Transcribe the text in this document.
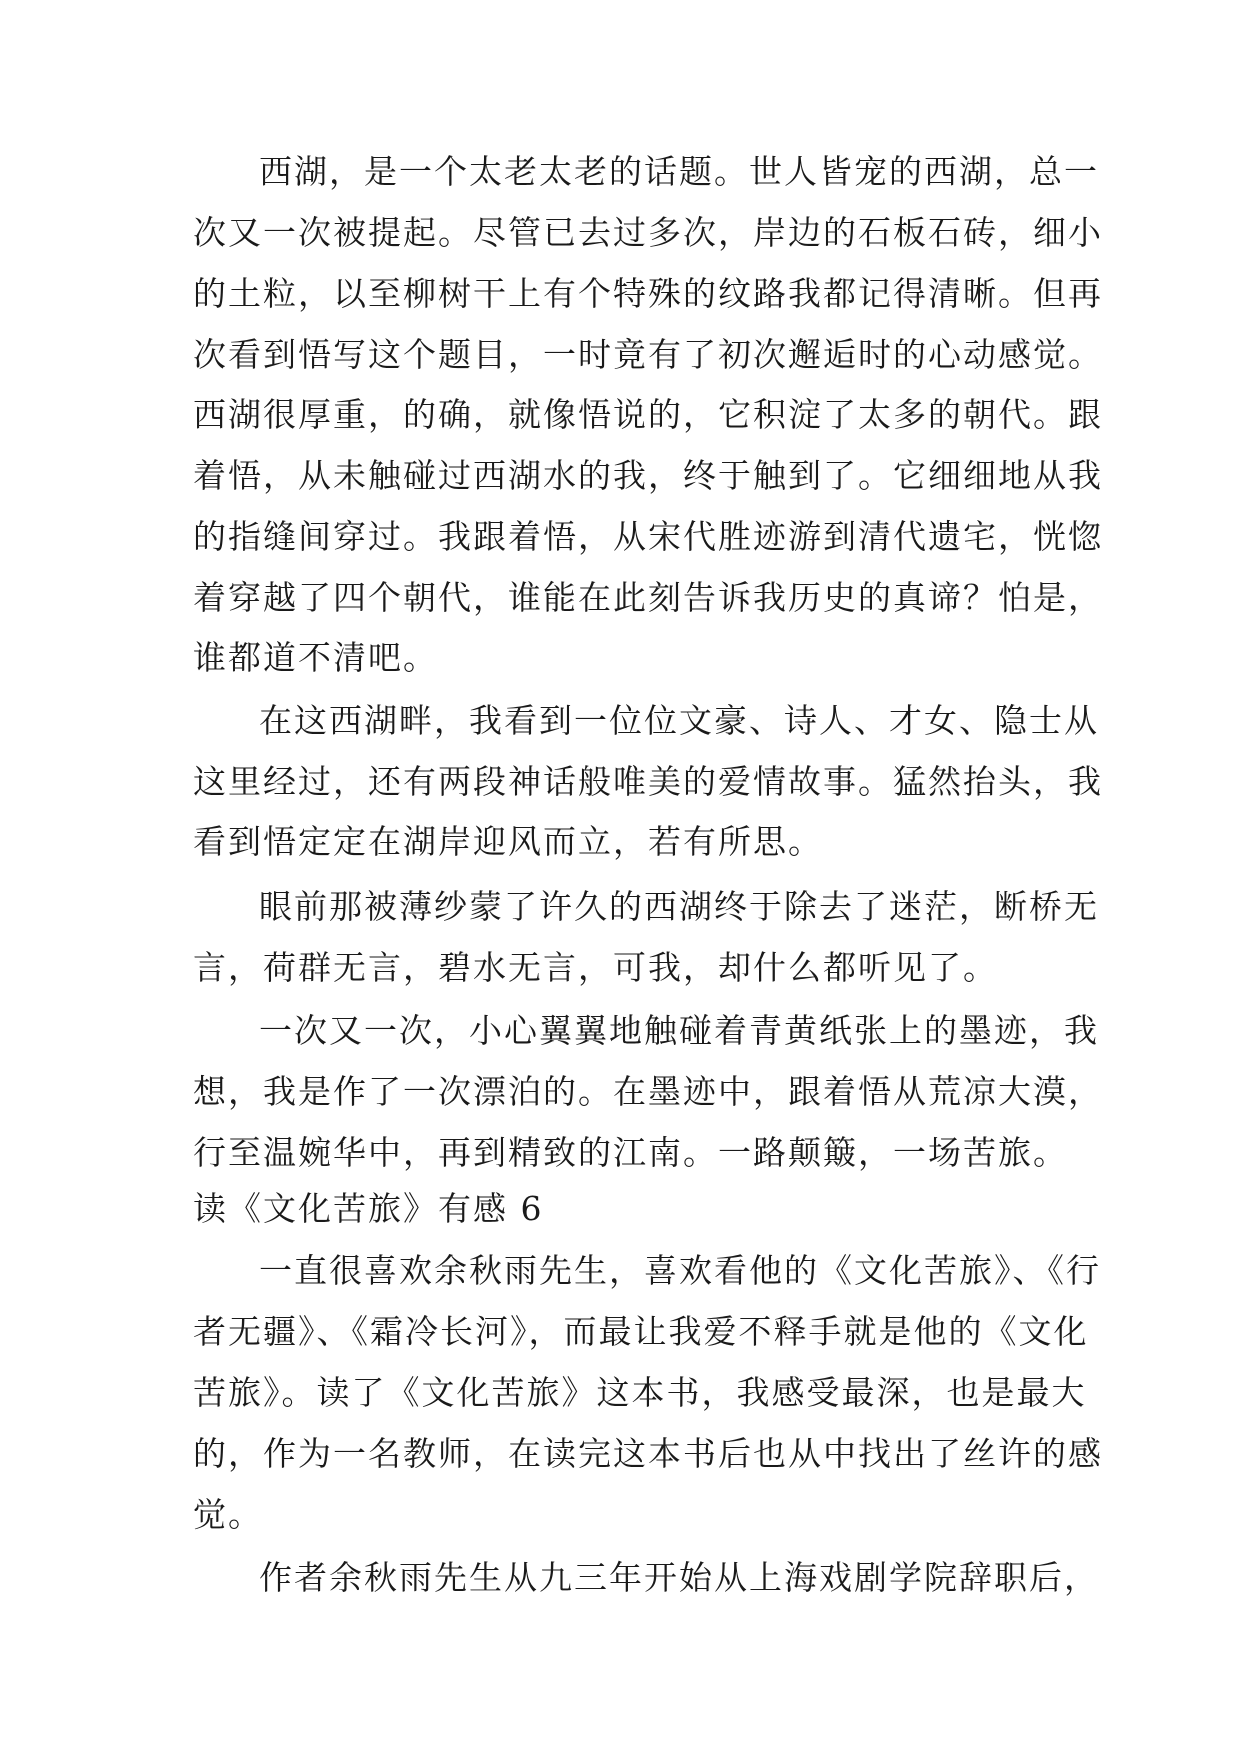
西湖，是一个太老太老的话题。世人皆宠的西湖，总一
次又一次被提起。尽管已去过多次，岸边的石板石砖，细小
的土粒，以至柳树干上有个特殊的纹路我都记得清晰。但再
次看到悟写这个题目，一时竟有了初次邂逅时的心动感觉。
西湖很厚重，的确，就像悟说的，它积淀了太多的朝代。跟
着悟，从未触碰过西湖水的我，终于触到了。它细细地从我
的指缝间穿过。我跟着悟，从宋代胜迹游到清代遗宅，恍惚
着穿越了四个朝代，谁能在此刻告诉我历史的真谛？怕是，
谁都道不清吧。
在这西湖畔，我看到一位位文豪、诗人、才女、隐士从
这里经过，还有两段神话般唯美的爱情故事。猛然抬头，我
看到悟定定在湖岸迎风而立，若有所思。
眼前那被薄纱蒙了许久的西湖终于除去了迷茫，断桥无
言，荷群无言，碧水无言，可我，却什么都听见了。
一次又一次，小心翼翼地触碰着青黄纸张上的墨迹，我
想，我是作了一次漂泊的。在墨迹中，跟着悟从荒凉大漠，
行至温婉华中，再到精致的江南。一路颠簸，一场苦旅。
读《文化苦旅》有感 6
一直很喜欢余秋雨先生，喜欢看他的《文化苦旅》、《行
者无疆》、《霜冷长河》，而最让我爱不释手就是他的《文化
苦旅》。读了《文化苦旅》这本书，我感受最深，也是最大
的，作为一名教师，在读完这本书后也从中找出了丝许的感
觉。
作者余秋雨先生从九三年开始从上海戏剧学院辞职后，
